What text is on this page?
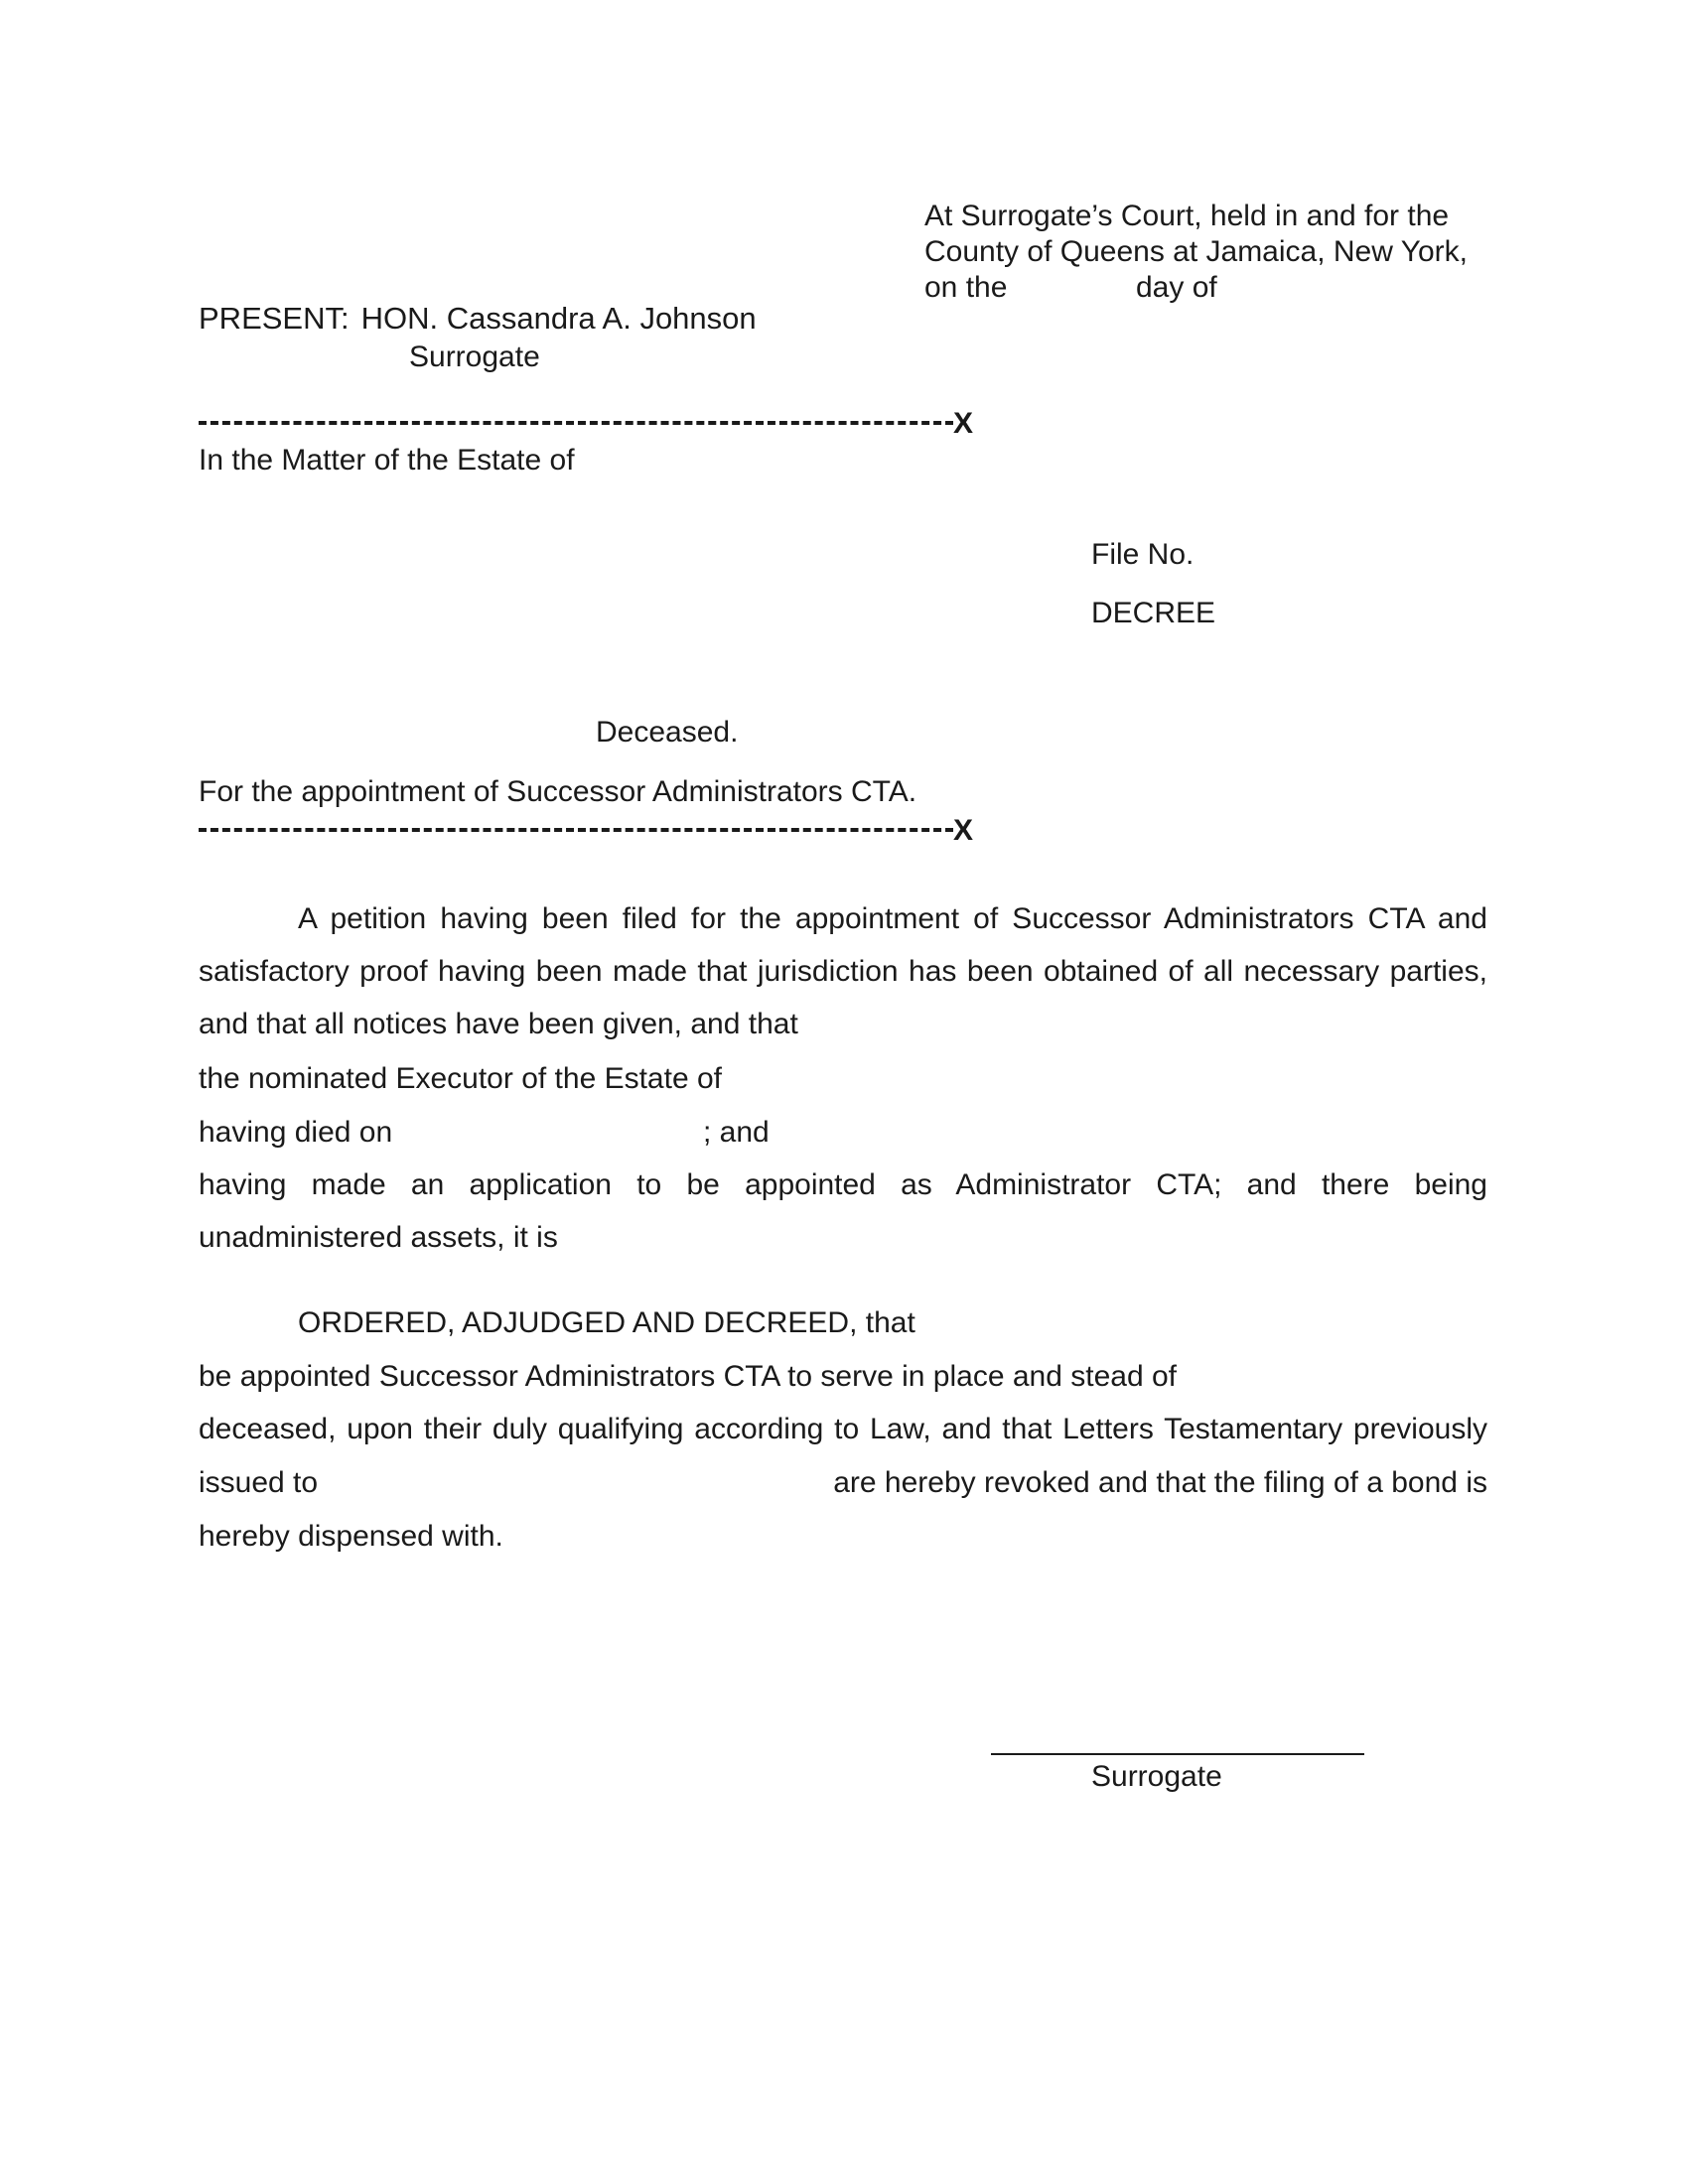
At Surrogate’s Court, held in and for the
County of Queens at Jamaica, New York,
on the	day of
PRESENT: HON. Cassandra A. Johnson
Surrogate
X
In the Matter of the Estate of
File No.
DECREE
Deceased.
For the appointment of Successor Administrators CTA.
X
A petition having been filed for the appointment of Successor Administrators CTA and
satisfactory proof having been made that jurisdiction has been obtained of all necessary parties,
and that all notices have been given, and that
the nominated Executor of the Estate of
having died on	; and
having made an application to be appointed as Administrator CTA; and there being
unadministered assets, it is
ORDERED, ADJUDGED AND DECREED, that
be appointed Successor Administrators CTA to serve in place and stead of
deceased, upon their duly qualifying according to Law, and that Letters Testamentary previously
issued to	are hereby revoked and that the filing of a bond is
hereby dispensed with.
Surrogate
